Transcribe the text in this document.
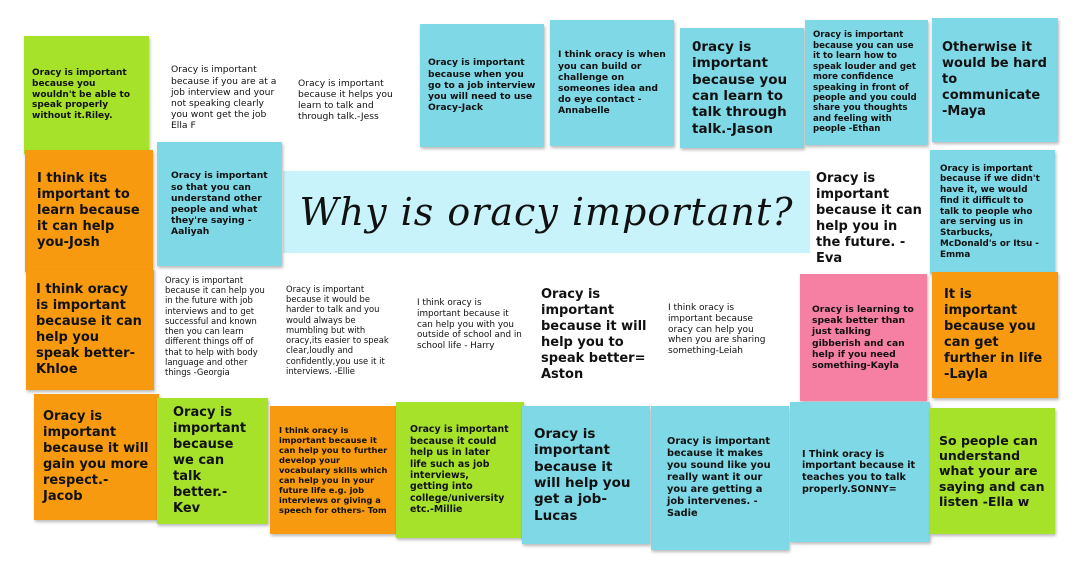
Why is oracy important?
Oracy is important because you wouldn't be able to speak properly without it.Riley.
Oracy is important because if you are at a job interview and your not speaking clearly you wont get the job Ella F
Oracy is important because it helps you learn to talk and through talk.-Jess
Oracy is important because when you go to a job interview you will need to use Oracy-Jack
I think oracy is when you can build or challenge on someones idea and do eye contact - Annabelle
0racy is important because you can learn to talk through talk.-Jason
Oracy is important because you can use it to learn how to speak louder and get more confidence speaking in front of people and you could share you thoughts and feeling with people -Ethan
Otherwise it would be hard to communicate -Maya
I think its important to learn because it can help you-Josh
Oracy is important so that you can understand other people and what they're saying -Aaliyah
Oracy is important because it can help you in the future. -Eva
Oracy is important because if we didn't have it, we would find it difficult to talk to people who are serving us in Starbucks, McDonald's or Itsu - Emma
I think oracy is important because it can help you speak better-Khloe
Oracy is important because it can help you in the future with job interviews and to get successful and known then you can learn different things off of that to help with body language and other things -Georgia
Oracy is important because it would be harder to talk and you would always be mumbling but with oracy,its easier to speak clear,loudly and confidently,you use it it interviews. -Ellie
I think oracy is important because it can help you with you outside of school and in school life - Harry
Oracy is important because it will help you to speak better= Aston
I think oracy is important because oracy can help you when you are sharing something-Leiah
Oracy is learning to speak better than just talking gibberish and can help if you need something-Kayla
It is important because you can get further in life -Layla
Oracy is important because it will gain you more respect.- Jacob
Oracy is important because we can talk better.- Kev
I think oracy is important because it can help you to further develop your vocabulary skills which can help you in your future life e.g. job interviews or giving a speech for others- Tom
Oracy is important because it could help us in later life such as job interviews, getting into college/university etc.-Millie
Oracy is important because it will help you get a job-Lucas
Oracy is important because it makes you sound like you really want it our you are getting a job intervenes. - Sadie
I Think oracy is important because it teaches you to talk properly.SONNY=
So people can understand what your are saying and can listen -Ella w
